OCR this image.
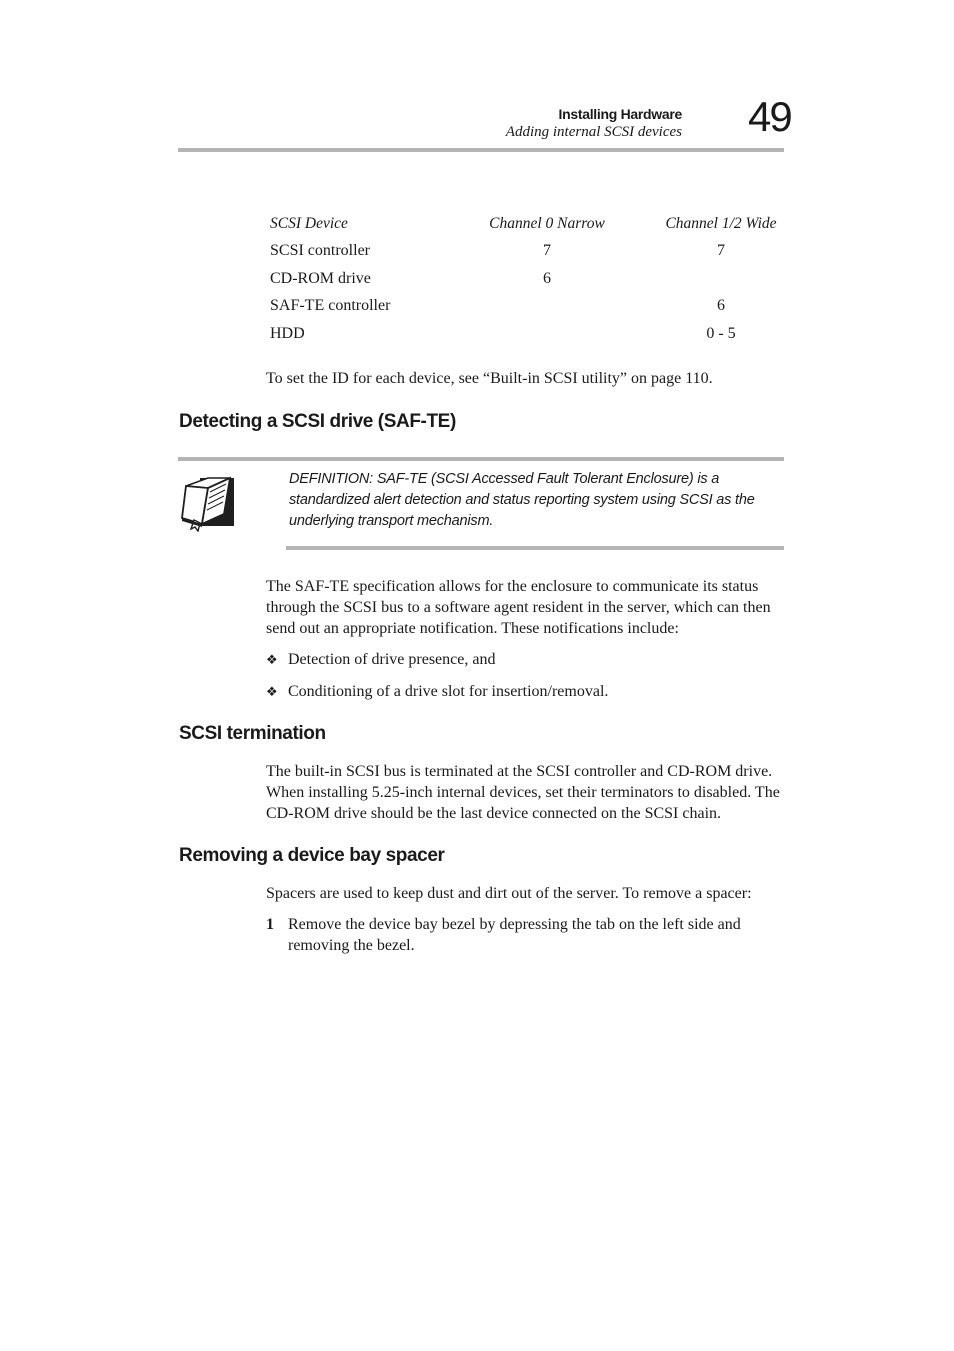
Installing Hardware
Adding internal SCSI devices 49
SCSI Device	Channel 0 Narrow	Channel 1/2 Wide
SCSI controller	7	7
CD-ROM drive	6	
SAF-TE controller		6
HDD		0 - 5
To set the ID for each device, see “Built-in SCSI utility” on page 110.
Detecting a SCSI drive (SAF-TE)
DEFINITION: SAF-TE (SCSI Accessed Fault Tolerant Enclosure) is a standardized alert detection and status reporting system using SCSI as the underlying transport mechanism.
The SAF-TE specification allows for the enclosure to communicate its status through the SCSI bus to a software agent resident in the server, which can then send out an appropriate notification. These notifications include:
❖ Detection of drive presence, and
❖ Conditioning of a drive slot for insertion/removal.
SCSI termination
The built-in SCSI bus is terminated at the SCSI controller and CD-ROM drive. When installing 5.25-inch internal devices, set their terminators to disabled. The CD-ROM drive should be the last device connected on the SCSI chain.
Removing a device bay spacer
Spacers are used to keep dust and dirt out of the server. To remove a spacer:
1 Remove the device bay bezel by depressing the tab on the left side and removing the bezel.
